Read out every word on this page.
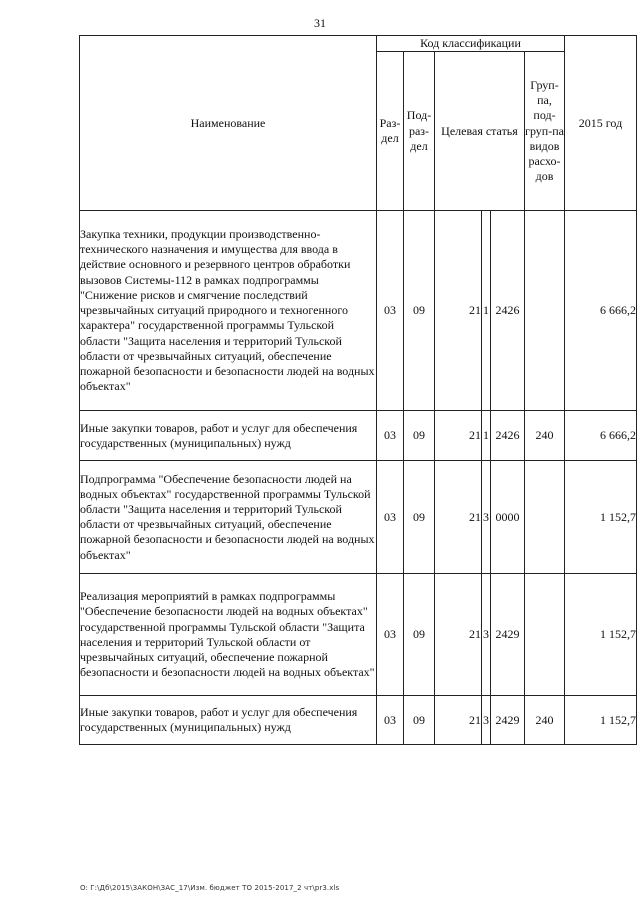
31
Наименование	Код классификации						2015 год
	Раз-дел	Под-раз-дел	Целевая статья			Груп-па, под-груп-па видов расхо-дов	
Закупка техники, продукции производственно-технического назначения и имущества для ввода в действие основного и резервного центров обработки вызовов Системы-112 в рамках подпрограммы "Снижение рисков и смягчение последствий чрезвычайных ситуаций природного и техногенного характера" государственной программы Тульской области "Защита населения и территорий Тульской области от чрезвычайных ситуаций, обеспечение пожарной безопасности и безопасности людей на водных объектах"	03	09	21	1	2426		6 666,2
Иные закупки товаров, работ и услуг для обеспечения государственных (муниципальных) нужд	03	09	21	1	2426	240	6 666,2
Подпрограмма "Обеспечение безопасности людей на водных объектах" государственной программы Тульской области "Защита населения и территорий Тульской области от чрезвычайных ситуаций, обеспечение пожарной безопасности и безопасности людей на водных объектах"	03	09	21	3	0000		1 152,7
Реализация мероприятий в рамках подпрограммы "Обеспечение безопасности людей на водных объектах" государственной программы Тульской области "Защита населения и территорий Тульской области от чрезвычайных ситуаций, обеспечение пожарной безопасности и безопасности людей на водных объектах"	03	09	21	3	2429		1 152,7
Иные закупки товаров, работ и услуг для обеспечения государственных (муниципальных) нужд	03	09	21	3	2429	240	1 152,7
O: Г:\Дб\2015\ЗАКОН\ЗАС_17\Изм. бюджет ТО 2015-2017_2 чт\pr3.xls
